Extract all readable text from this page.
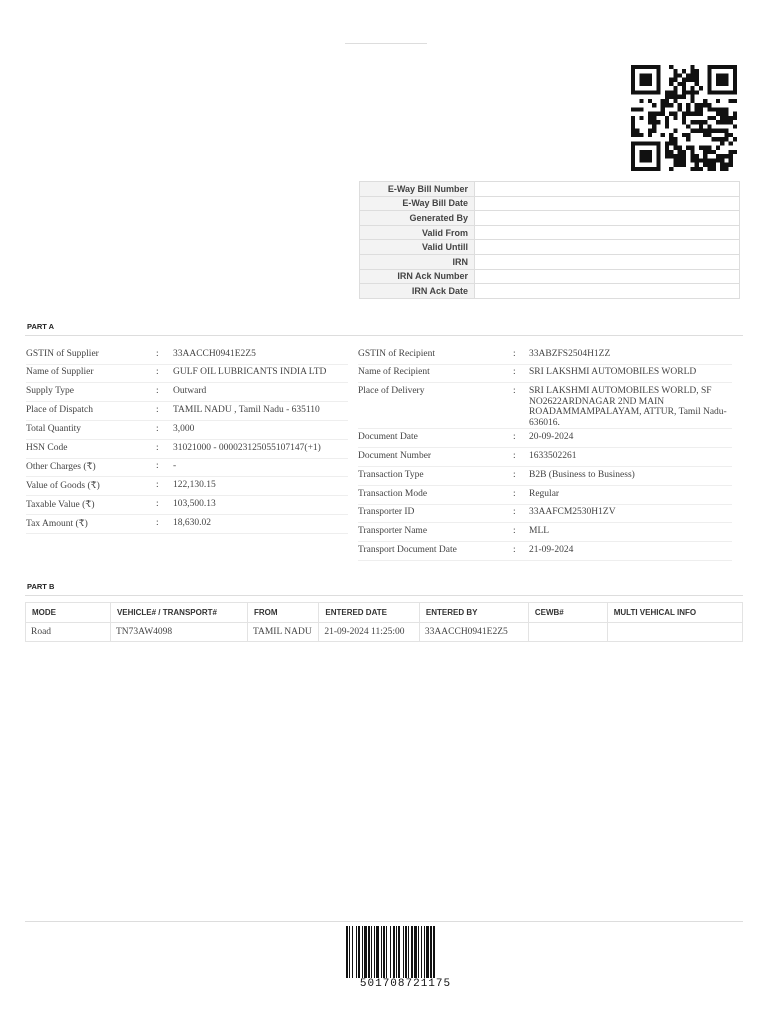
E-Way Bill Number	
E-Way Bill Date	
Generated By	
Valid From	
Valid Untill	
IRN	
IRN Ack Number	
IRN Ack Date	
PART A
GSTIN of Supplier	: 33AACCH0941E2Z5
Name of Supplier	: GULF OIL LUBRICANTS INDIA LTD
Supply Type	: Outward
Place of Dispatch	: TAMIL NADU , Tamil Nadu - 635110
Total Quantity	: 3,000
HSN Code	: 31021000 - 000023125055107147(+1)
Other Charges (₹)	: -
Value of Goods (₹)	: 122,130.15
Taxable Value (₹)	: 103,500.13
Tax Amount (₹)	: 18,630.02
GSTIN of Recipient	: 33ABZFS2504H1ZZ
Name of Recipient	: SRI LAKSHMI AUTOMOBILES WORLD
Place of Delivery	: SRI LAKSHMI AUTOMOBILES WORLD, SF NO2622ARDNAGAR 2ND MAIN ROADAMMAMPALAYAM, ATTUR, Tamil Nadu-636016.
Document Date	: 20-09-2024
Document Number	: 1633502261
Transaction Type	: B2B (Business to Business)
Transaction Mode	: Regular
Transporter ID	: 33AAFCM2530H1ZV
Transporter Name	: MLL
Transport Document Date	: 21-09-2024
PART B
MODE	VEHICLE# / TRANSPORT#	FROM	ENTERED DATE	ENTERED BY	CEWB#	MULTI VEHICAL INFO
Road	TN73AW4098	TAMIL NADU	21-09-2024 11:25:00	33AACCH0941E2Z5		
501708721175
